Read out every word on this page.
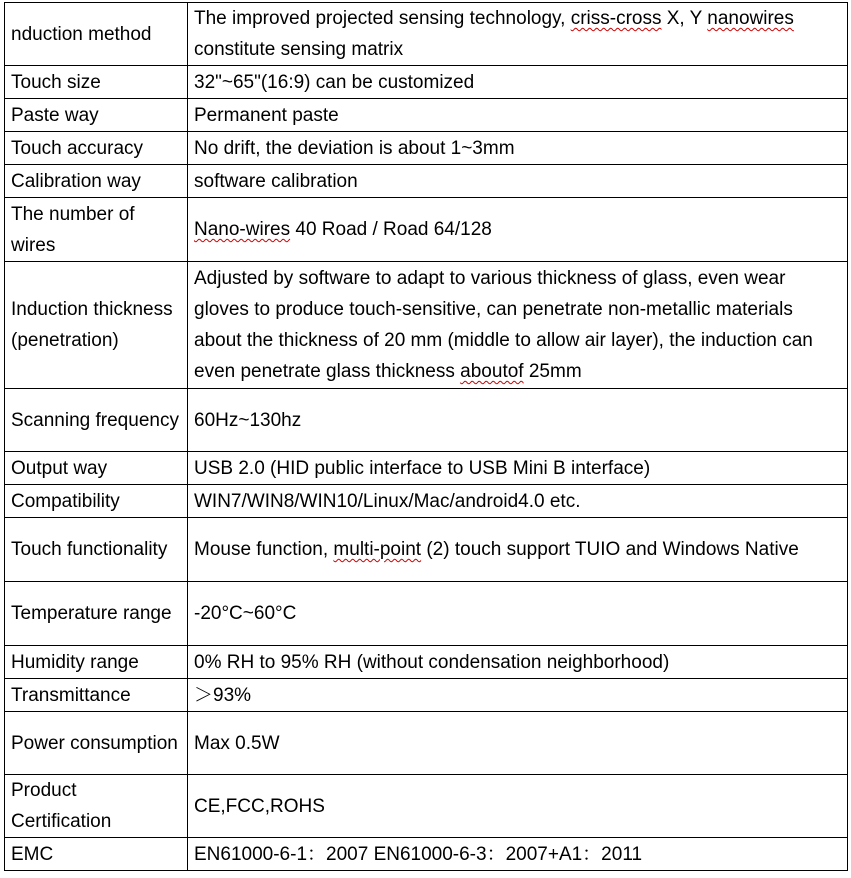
nduction method	The improved projected sensing technology, criss-cross X, Y nanowires constitute sensing matrix
Touch size	32"~65"(16:9) can be customized
Paste way	Permanent paste
Touch accuracy	No drift, the deviation is about 1~3mm
Calibration way	software calibration
The number of wires	Nano-wires 40 Road / Road 64/128
Induction thickness (penetration)	Adjusted by software to adapt to various thickness of glass, even wear gloves to produce touch-sensitive, can penetrate non-metallic materials about the thickness of 20 mm (middle to allow air layer), the induction can even penetrate glass thickness aboutof 25mm
Scanning frequency	60Hz~130hz
Output way	USB 2.0 (HID public interface to USB Mini B interface)
Compatibility	WIN7/WIN8/WIN10/Linux/Mac/android4.0 etc.
Touch functionality	Mouse function, multi-point (2) touch support TUIO and Windows Native
Temperature range	-20°C~60°C
Humidity range	0% RH to 95% RH (without condensation neighborhood)
Transmittance	＞93%
Power consumption	Max 0.5W
Product Certification	CE,FCC,ROHS
EMC	EN61000-6-1：2007 EN61000-6-3：2007+A1：2011
